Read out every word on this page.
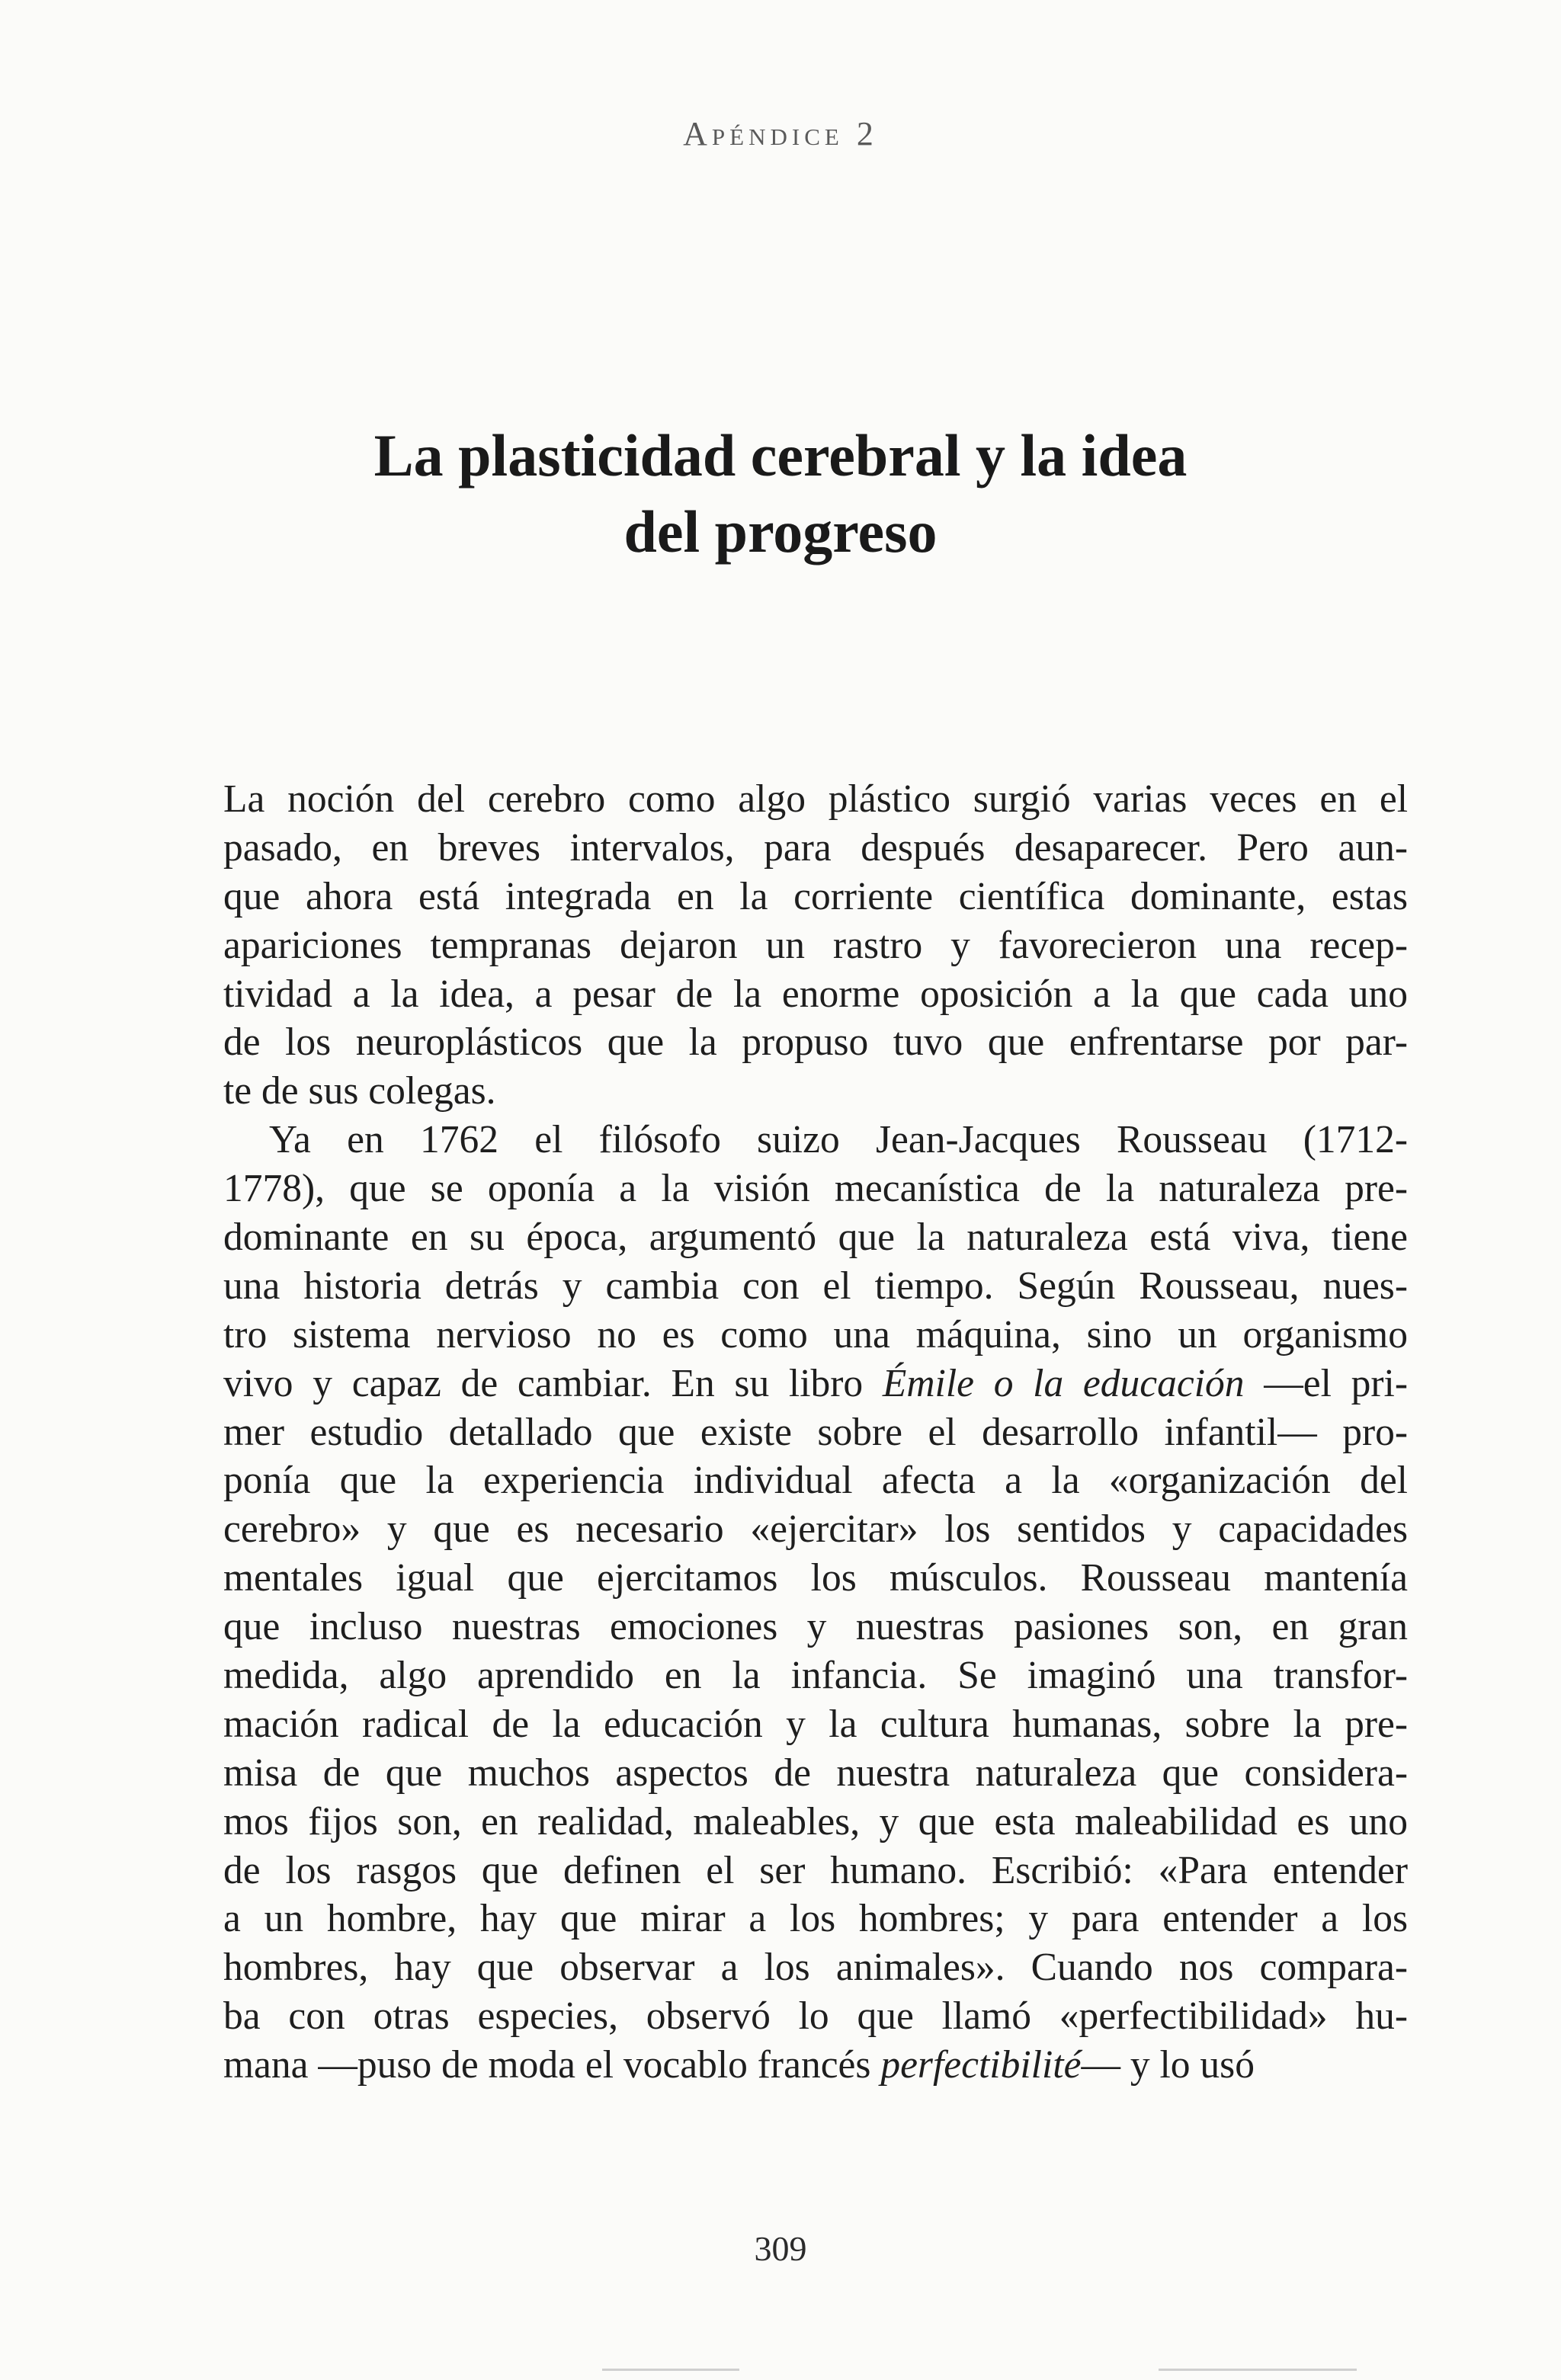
Apéndice 2
La plasticidad cerebral y la idea
del progreso
La noción del cerebro como algo plástico surgió varias veces en el
pasado, en breves intervalos, para después desaparecer. Pero aun-
que ahora está integrada en la corriente científica dominante, estas
apariciones tempranas dejaron un rastro y favorecieron una recep-
tividad a la idea, a pesar de la enorme oposición a la que cada uno
de los neuroplásticos que la propuso tuvo que enfrentarse por par-
te de sus colegas.
Ya en 1762 el filósofo suizo Jean-Jacques Rousseau (1712-
1778), que se oponía a la visión mecanística de la naturaleza pre-
dominante en su época, argumentó que la naturaleza está viva, tiene
una historia detrás y cambia con el tiempo. Según Rousseau, nues-
tro sistema nervioso no es como una máquina, sino un organismo
vivo y capaz de cambiar. En su libro Émile o la educación —el pri-
mer estudio detallado que existe sobre el desarrollo infantil— pro-
ponía que la experiencia individual afecta a la «organización del
cerebro» y que es necesario «ejercitar» los sentidos y capacidades
mentales igual que ejercitamos los músculos. Rousseau mantenía
que incluso nuestras emociones y nuestras pasiones son, en gran
medida, algo aprendido en la infancia. Se imaginó una transfor-
mación radical de la educación y la cultura humanas, sobre la pre-
misa de que muchos aspectos de nuestra naturaleza que considera-
mos fijos son, en realidad, maleables, y que esta maleabilidad es uno
de los rasgos que definen el ser humano. Escribió: «Para entender
a un hombre, hay que mirar a los hombres; y para entender a los
hombres, hay que observar a los animales». Cuando nos compara-
ba con otras especies, observó lo que llamó «perfectibilidad» hu-
mana —puso de moda el vocablo francés perfectibilité— y lo usó
309
